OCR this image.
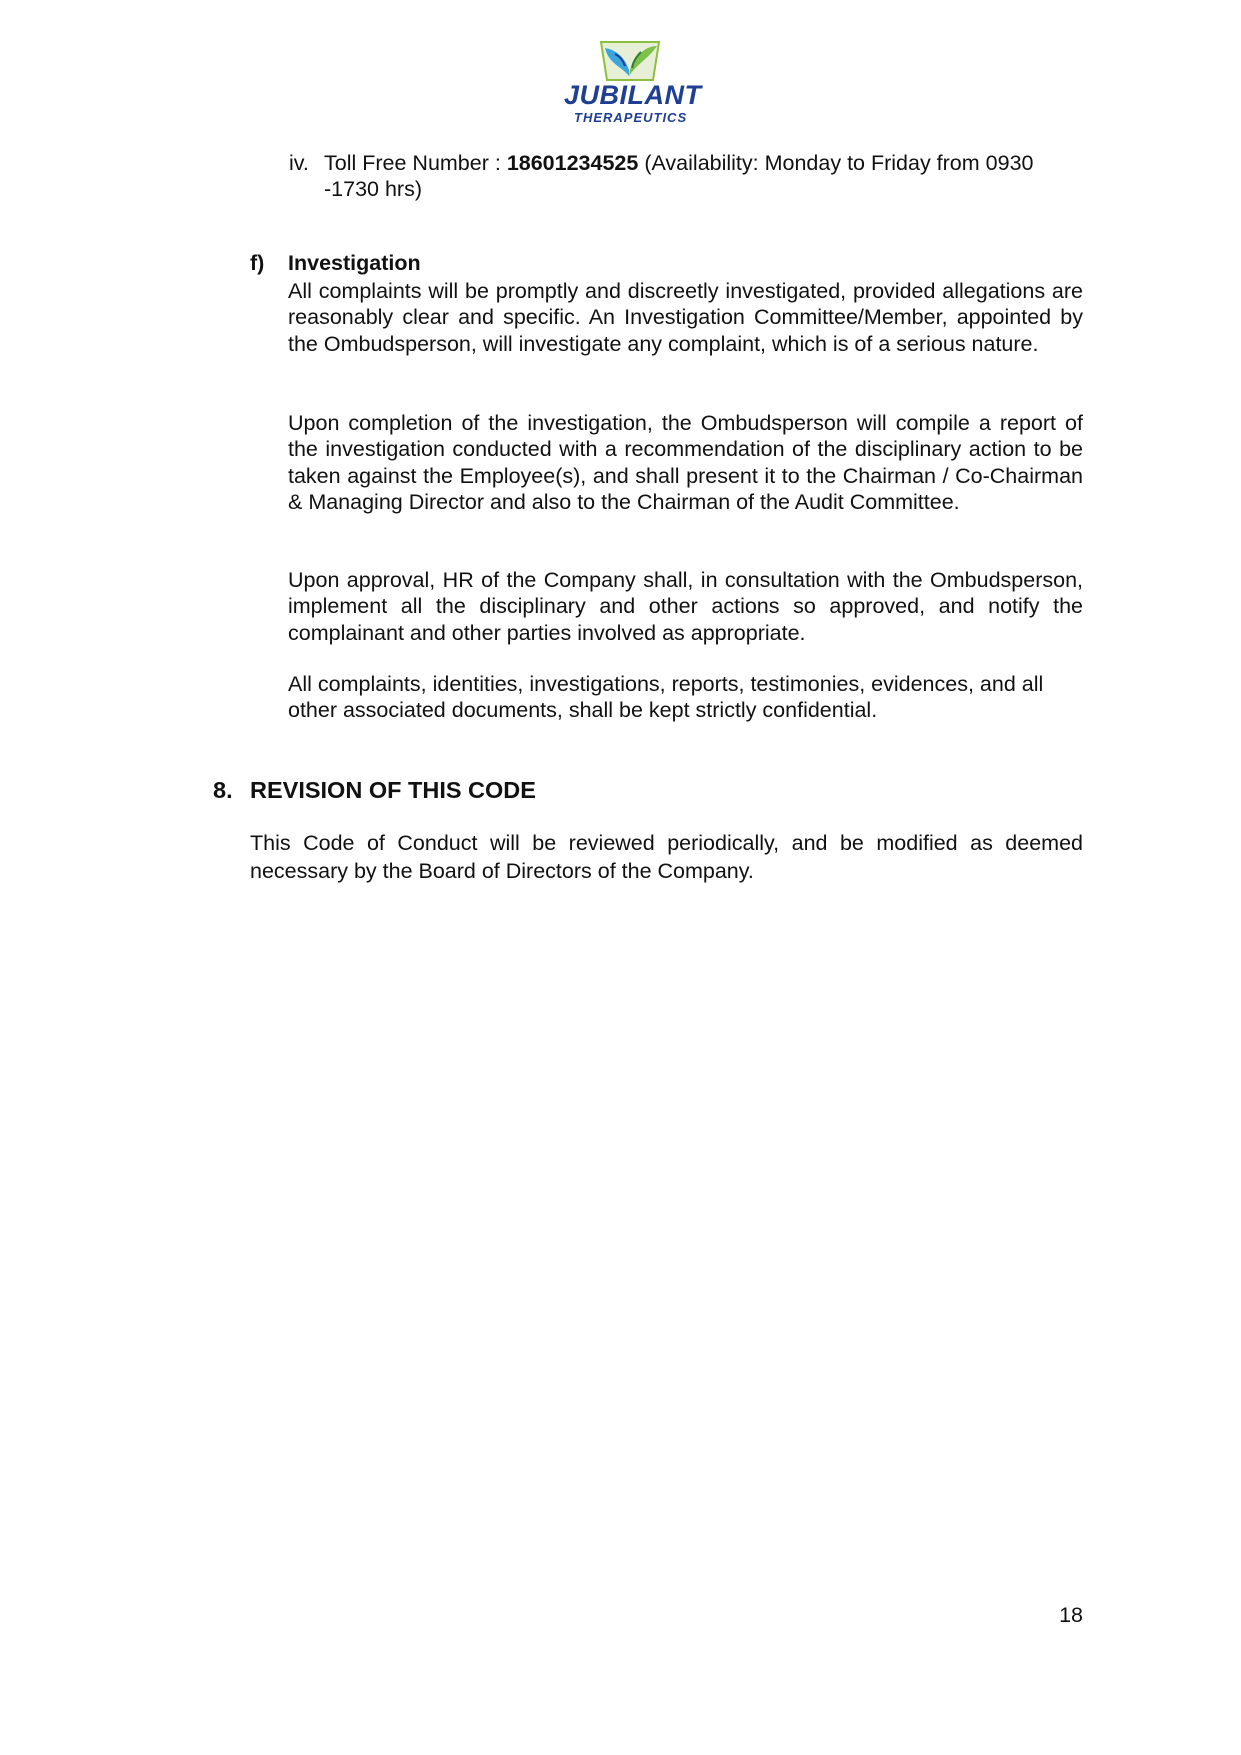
JUBILANT
THERAPEUTICS
iv. Toll Free Number : 18601234525 (Availability: Monday to Friday from 0930 -1730 hrs)
f) Investigation

All complaints will be promptly and discreetly investigated, provided allegations are reasonably clear and specific. An Investigation Committee/Member, appointed by the Ombudsperson, will investigate any complaint, which is of a serious nature.

Upon completion of the investigation, the Ombudsperson will compile a report of the investigation conducted with a recommendation of the disciplinary action to be taken against the Employee(s), and shall present it to the Chairman / Co-Chairman & Managing Director and also to the Chairman of the Audit Committee.

Upon approval, HR of the Company shall, in consultation with the Ombudsperson, implement all the disciplinary and other actions so approved, and notify the complainant and other parties involved as appropriate.

All complaints, identities, investigations, reports, testimonies, evidences, and all other associated documents, shall be kept strictly confidential.

8. REVISION OF THIS CODE

This Code of Conduct will be reviewed periodically, and be modified as deemed necessary by the Board of Directors of the Company.

18
